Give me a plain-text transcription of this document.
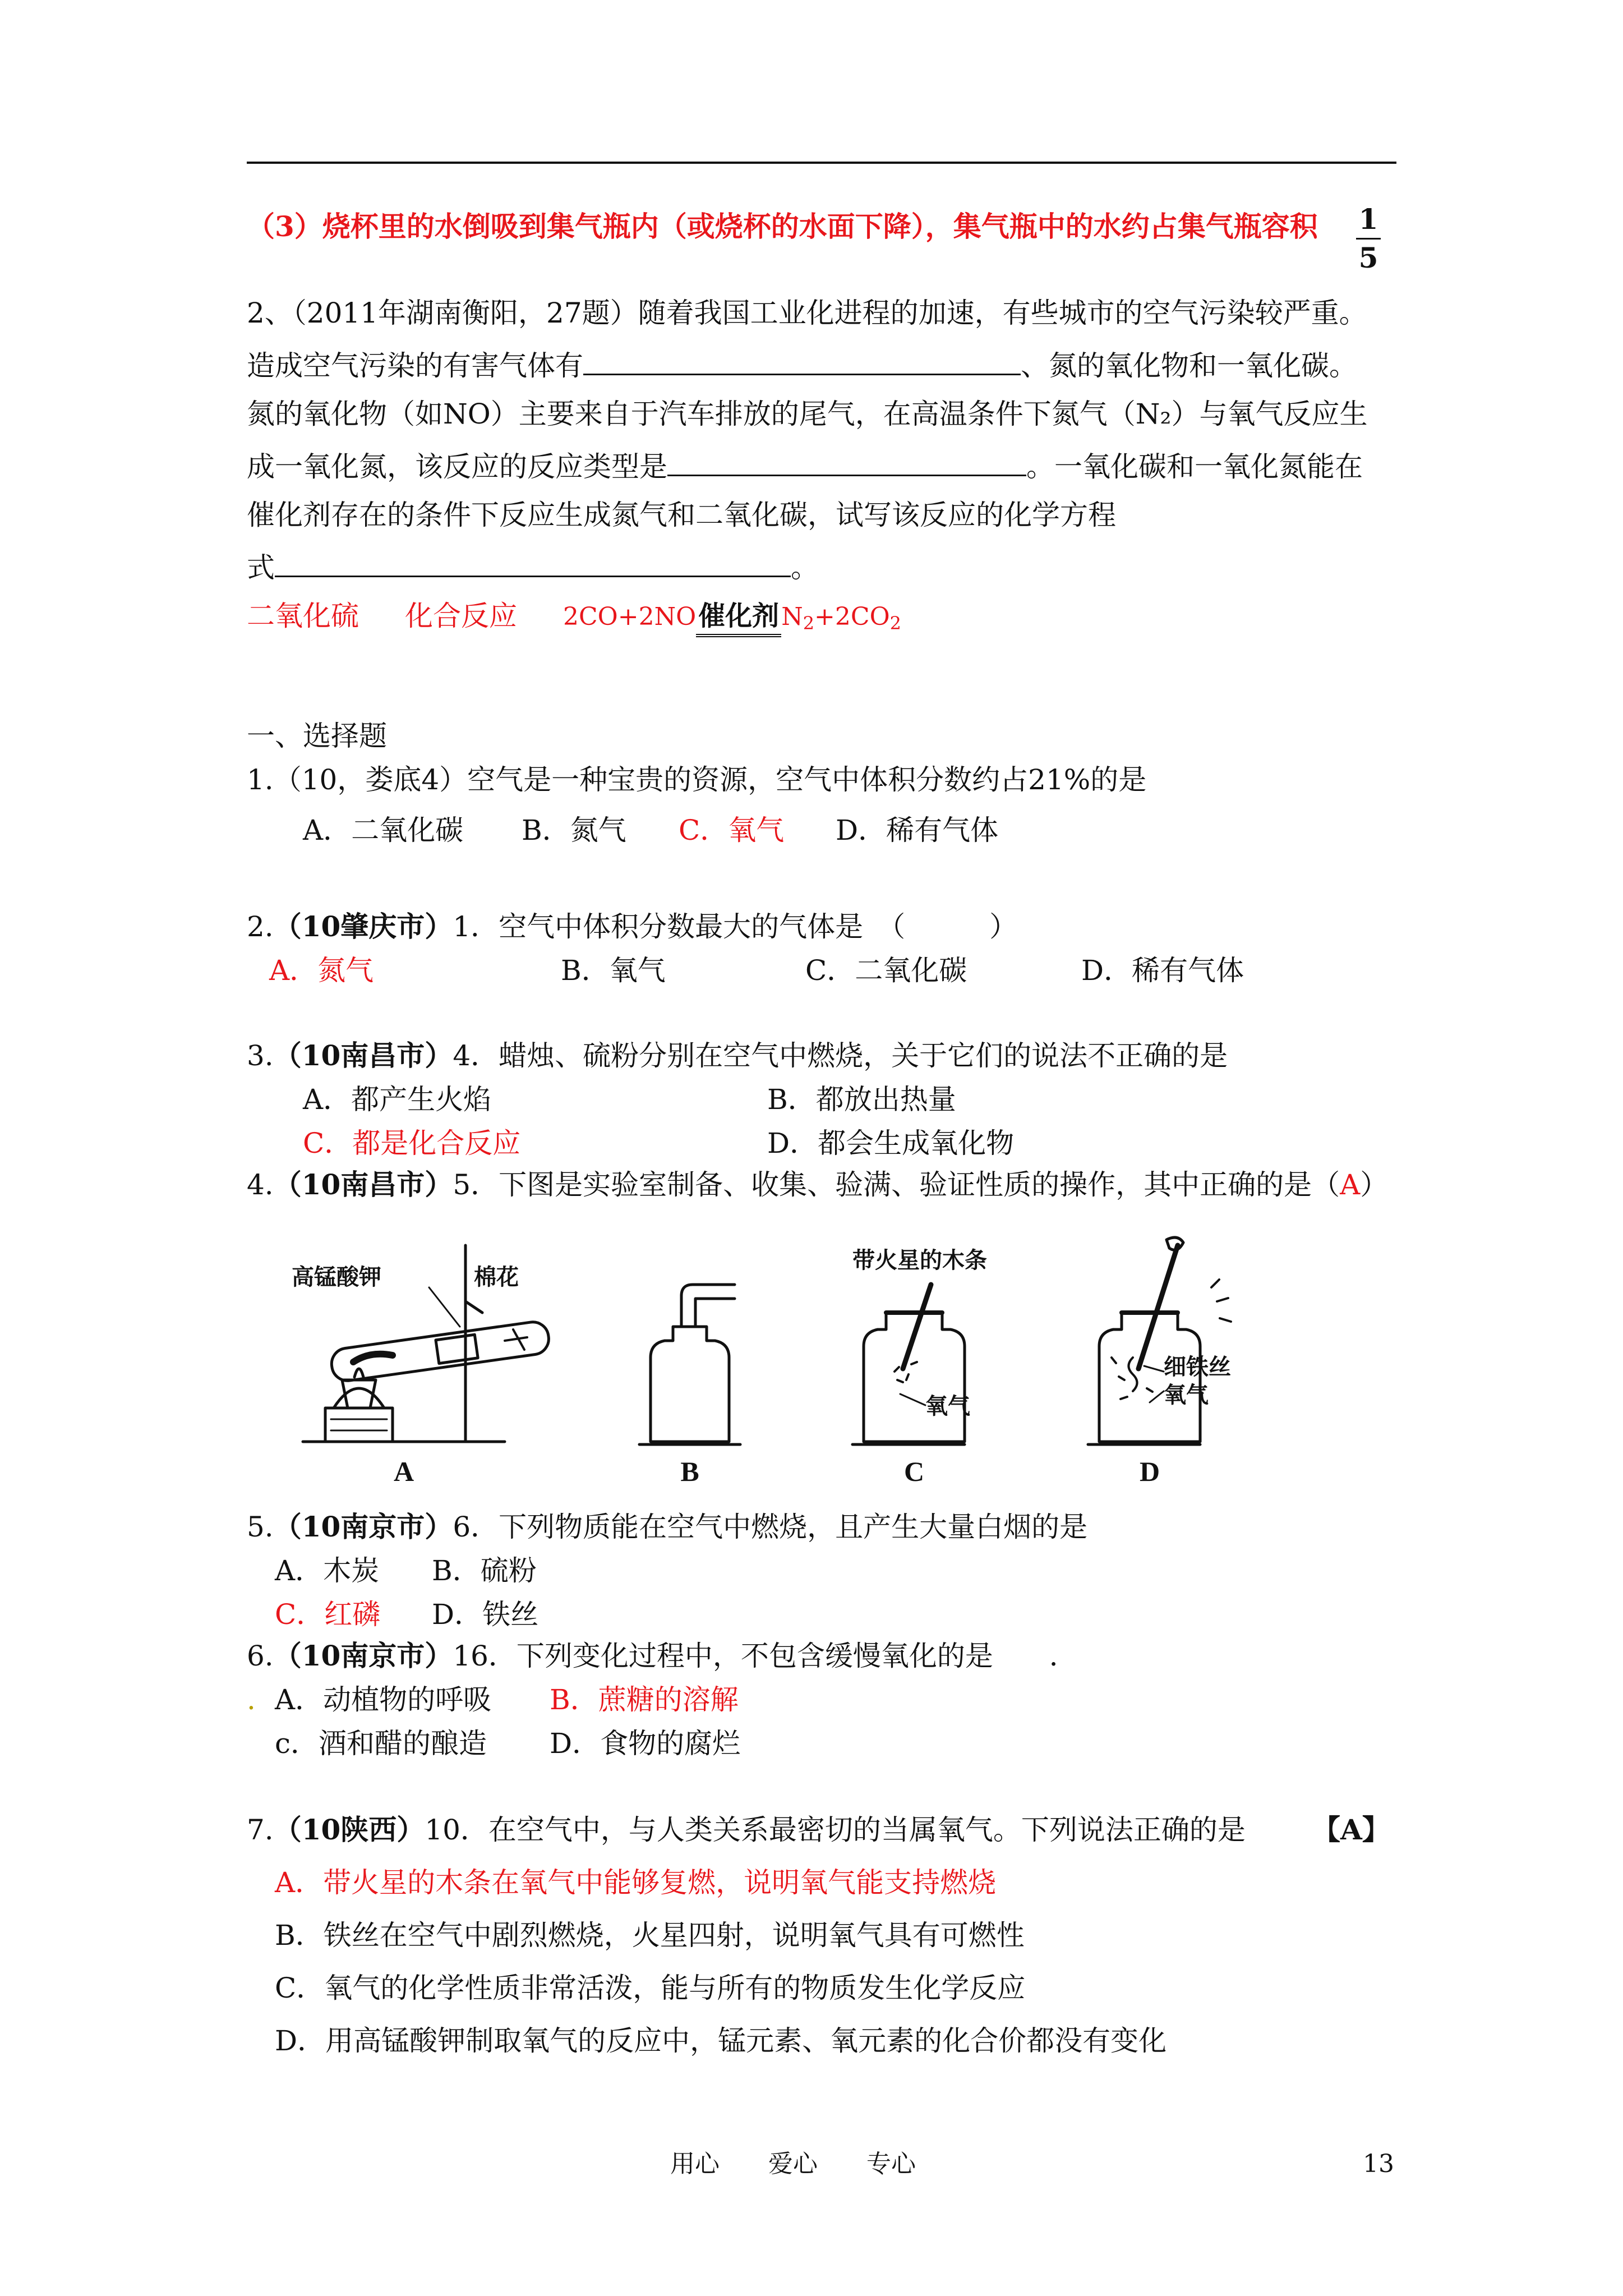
（3）烧杯里的水倒吸到集气瓶内（或烧杯的水面下降），集气瓶中的水约占集气瓶容积 1
5
2、（2011年湖南衡阳，27题）随着我国工业化进程的加速，有些城市的空气污染较严重。
造成空气污染的有害气体有	、氮的氧化物和一氧化碳。
氮的氧化物（如NO）主要来自于汽车排放的尾气，在高温条件下氮气（N₂）与氧气反应生
成一氧化氮，该反应的反应类型是	。一氧化碳和一氧化氮能在
催化剂存在的条件下反应生成氮气和二氧化碳，试写该反应的化学方程
式	。
二氧化硫 化合反应 2CO+2NO催化剂$N_2+2CO_2$
一、选择题
1.（10，娄底4）空气是一种宝贵的资源，空气中体积分数约占21%的是
A．二氧化碳 B．氮气 C．氧气 D．稀有气体
2.（10肇庆市）1．空气中体积分数最大的气体是　（　　　）
A．氮气	B．氧气	C．二氧化碳	D．稀有气体
3.（10南昌市）4．蜡烛、硫粉分别在空气中燃烧，关于它们的说法不正确的是
A．都产生火焰	B．都放出热量
C．都是化合反应	D．都会生成氧化物
4.（10南昌市）5．下图是实验室制备、收集、验满、验证性质的操作，其中正确的是（A）
高锰酸钾	棉花
带火星的木条
氧气
细铁丝
氧气
A	B	C	D
5.（10南京市）6．下列物质能在空气中燃烧，且产生大量白烟的是
A．木炭 B．硫粉
C．红磷 D．铁丝
6.（10南京市）16．下列变化过程中，不包含缓慢氧化的是　　．
. A．动植物的呼吸 B．蔗糖的溶解
c．酒和醋的酿造 D．食物的腐烂
7.（10陕西）10．在空气中，与人类关系最密切的当属氧气。下列说法正确的是 【A】
A．带火星的木条在氧气中能够复燃，说明氧气能支持燃烧
B．铁丝在空气中剧烈燃烧，火星四射，说明氧气具有可燃性
C．氧气的化学性质非常活泼，能与所有的物质发生化学反应
D．用高锰酸钾制取氧气的反应中，锰元素、氧元素的化合价都没有变化
用心 爱心 专心	13
